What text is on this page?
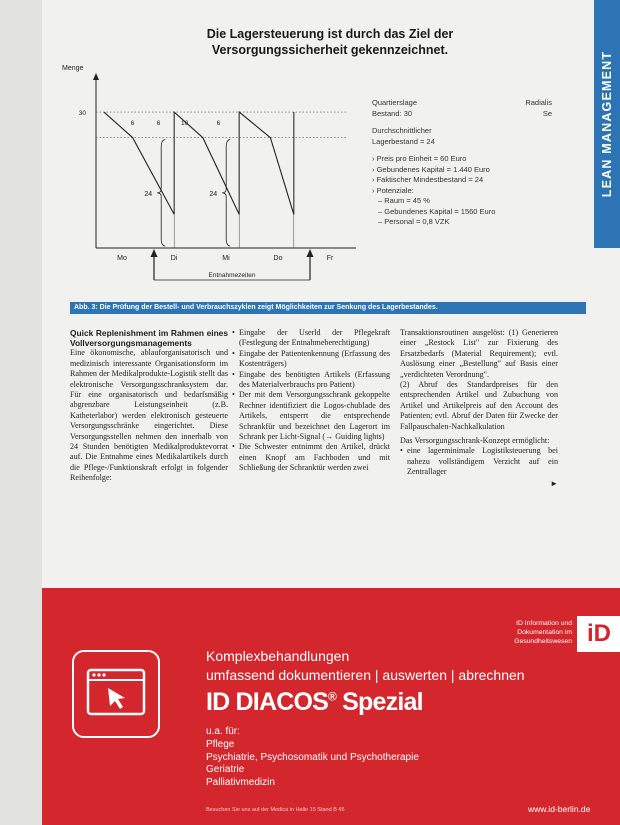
LEAN MANAGEMENT
Die Lagersteuerung ist durch das Ziel der
Versorgungssicherheit gekennzeichnet.
Menge
30
6	6	10	6
24	24
Mo	Di	Mi	Do	Fr
Entnahmezeiten
Quartierslage	Radialis
Bestand: 30	Se

Durchschnittlicher

Lagerbestand = 24

› Preis pro Einheit = 60 Euro

› Gebundenes Kapital = 1.440 Euro

› Faktischer Mindestbestand = 24

› Potenziale:

– Raum = 45 %

– Gebundenes Kapital = 1560 Euro

– Personal = 0,8 VZK

Abb. 3: Die Prüfung der Bestell- und Verbrauchszyklen zeigt Möglichkeiten zur Senkung des Lagerbestandes.
Quick Replenishment im Rahmen eines Vollversorgungsmanagements

Eine ökonomische, ablauforganisatorisch und medizinisch interessante Organisationsform im Rahmen der Medikalprodukte-Logistik stellt das elektronische Versorgungsschranksystem dar. Für eine organisatorisch und bedarfsmäßig abgrenzbare Leistungseinheit (z.B. Katheterlabor) werden elektronisch gesteuerte Versorgungsschränke eingerichtet. Diese Versorgungsstellen nehmen den innerhalb von 24 Stunden benötigten Medikalproduktevorrat auf. Die Entnahme eines Medikalartikels durch die Pflege-/Funktionskraft erfolgt in folgender Reihenfolge:

• Eingabe der Userld der Pflegekraft (Festlegung der Entnahmeberechtigung)
• Eingabe der Patientenkennung (Erfassung des Kostenträgers)
• Eingabe des benötigten Artikels (Erfassung des Materialverbrauchs pro Patient)
• Der mit dem Versorgungsschrank gekoppelte Rechner identifiziert die Logos-chublade des Artikels, entsperrt die entsprechende Schrankfür und bezeichnet den Lagerort im Schrank per Licht-Signal (→ Guiding lights)
• Die Schwester entnimmt den Artikel, drückt einen Knopf am Fachboden und mit Schließung der Schranktür werden zwei

Transaktionsroutinen ausgelöst: (1) Generieren einer „Restock List" zur Fixierung des Ersatzbedarfs (Material Requirement); evtl. Auslösung einer „Bestellung" auf Basis einer „verdichteten Verordnung".

(2) Abruf des Standardpreises für den entsprechenden Artikel und Zubuchung von Artikel und Artikelpreis auf den Account des Patienten; evtl. Abruf der Daten für Zwecke der Fallpauschalen-Nachkalkulation

Das Versorgungsschrank-Konzept ermöglicht:

• eine lagerminimale Logistiksteuerung bei nahezu vollständigem Verzicht auf ein Zentrallager
►
ID Information und Dokumentation im Gesundheitswesen iD
Komplexbehandlungen
umfassend dokumentieren | auswerten | abrechnen
ID DIACOS® Spezial
u.a. für:
Pflege
Psychiatrie, Psychosomatik und Psychotherapie
Geriatrie
Palliativmedizin
Besuchen Sie uns auf der Medica in Halle 15 Stand B 45	www.id-berlin.de
